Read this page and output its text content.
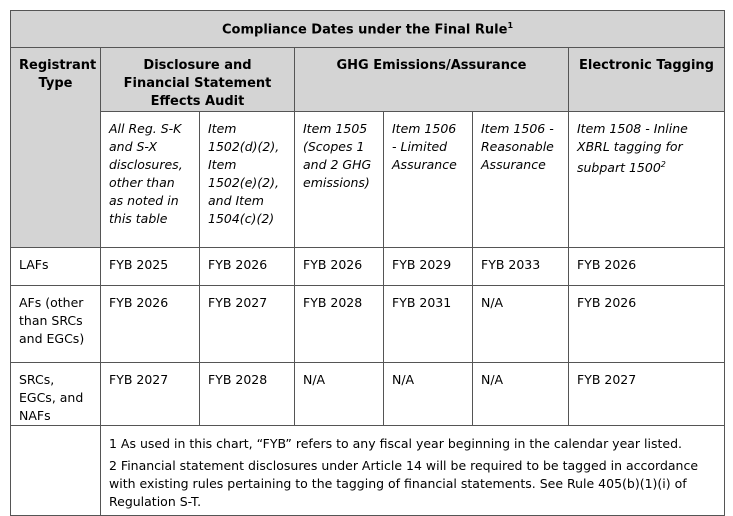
Compliance Dates under the Final Rule$^1$
Registrant Type	Disclosure and Financial Statement Effects Audit		GHG Emissions/Assurance			Electronic Tagging
	All Reg. S-K and S-X disclosures, other than as noted in this table	Item 1502(d)(2), Item 1502(e)(2), and Item 1504(c)(2)	Item 1505 (Scopes 1 and 2 GHG emissions)	Item 1506 - Limited Assurance	Item 1506 - Reasonable Assurance	Item 1508 - Inline XBRL tagging for subpart 1500$^2$
LAFs	FYB 2025	FYB 2026	FYB 2026	FYB 2029	FYB 2033	FYB 2026
AFs (other than SRCs and EGCs)	FYB 2026	FYB 2027	FYB 2028	FYB 2031	N/A	FYB 2026
SRCs, EGCs, and NAFs	FYB 2027	FYB 2028	N/A	N/A	N/A	FYB 2027

	1 As used in this chart, “FYB” refers to any fiscal year beginning in the calendar year listed.

2 Financial statement disclosures under Article 14 will be required to be tagged in accordance with existing rules pertaining to the tagging of financial statements. See Rule 405(b)(1)(i) of Regulation S-T.					
